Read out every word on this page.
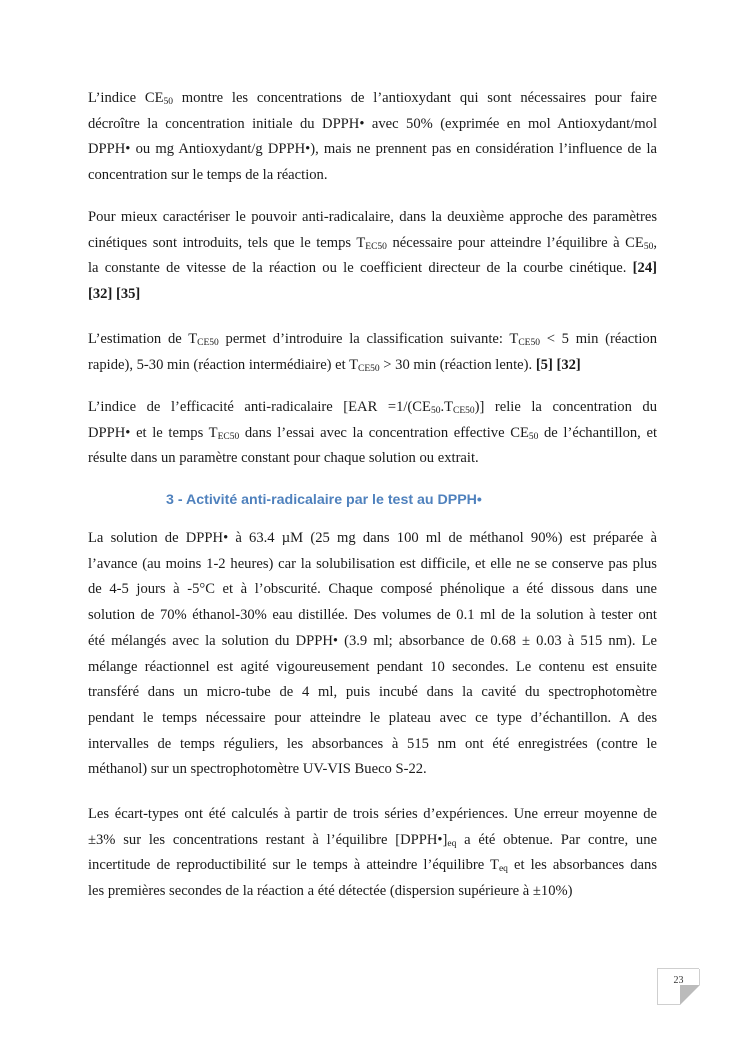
L’indice $CE_{50}$ montre les concentrations de l’antioxydant qui sont nécessaires pour faire
décroître la concentration initiale du DPPH• avec 50% (exprimée en mol Antioxydant/mol
DPPH• ou mg Antioxydant/g DPPH•), mais ne prennent pas en considération l’influence de la
concentration sur le temps de la réaction.
Pour mieux caractériser le pouvoir anti-radicalaire, dans la deuxième approche des paramètres
cinétiques sont introduits, tels que le temps $T_{EC50}$ nécessaire pour atteindre l’équilibre à $CE_{50}$,
la constante de vitesse de la réaction ou le coefficient directeur de la courbe cinétique. [24]
[32] [35]
L’estimation de $T_{CE50}$ permet d’introduire la classification suivante: $T_{CE50} < 5$ min (réaction
rapide), 5-30 min (réaction intermédiaire) et $T_{CE50} > 30$ min (réaction lente). [5] [32]
L’indice de l’efficacité anti-radicalaire $[EAR =1/(CE_{50}.T_{CE50})]$ relie la concentration du
DPPH• et le temps $T_{EC50}$ dans l’essai avec la concentration effective $CE_{50}$ de l’échantillon, et
résulte dans un paramètre constant pour chaque solution ou extrait.
3 - Activité anti-radicalaire par le test au DPPH•
La solution de DPPH• à 63.4 µM (25 mg dans 100 ml de méthanol 90%) est préparée à
l’avance (au moins 1-2 heures) car la solubilisation est difficile, et elle ne se conserve pas plus
de 4-5 jours à -5°C et à l’obscurité. Chaque composé phénolique a été dissous dans une
solution de 70% éthanol-30% eau distillée. Des volumes de 0.1 ml de la solution à tester ont
été mélangés avec la solution du DPPH• (3.9 ml; absorbance de 0.68 ± 0.03 à 515 nm). Le
mélange réactionnel est agité vigoureusement pendant 10 secondes. Le contenu est ensuite
transféré dans un micro-tube de 4 ml, puis incubé dans la cavité du spectrophotomètre
pendant le temps nécessaire pour atteindre le plateau avec ce type d’échantillon. A des
intervalles de temps réguliers, les absorbances à 515 nm ont été enregistrées (contre le
méthanol) sur un spectrophotomètre UV-VIS Bueco S-22.
Les écart-types ont été calculés à partir de trois séries d’expériences. Une erreur moyenne de
±3% sur les concentrations restant à l’équilibre $[DPPH•]_{eq}$ a été obtenue. Par contre, une
incertitude de reproductibilité sur le temps à atteindre l’équilibre $T_{eq}$ et les absorbances dans
les premières secondes de la réaction a été détectée (dispersion supérieure à ±10%)
23
